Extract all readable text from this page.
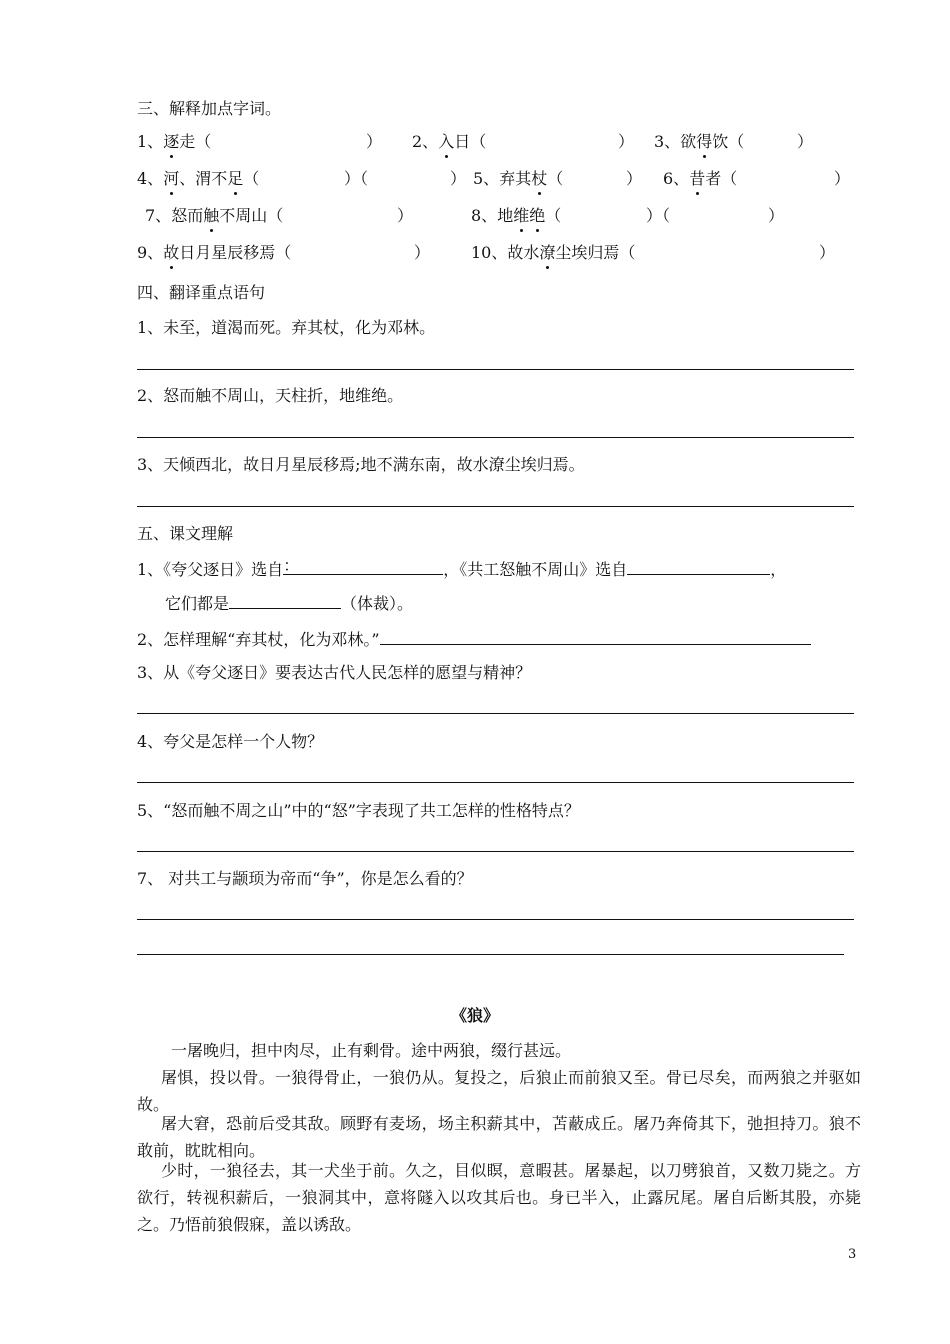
三、解释加点字词。
1、逐走（	） 2、入日（	） 3、欲得饮（	）
4、河、渭不足（	）（	） 5、弃其杖（	） 6、昔者（	）
7、怒而触不周山（	）	8、地维绝（	）（	）
9、故日月星辰移焉（	）	10、故水潦尘埃归焉（	）
四、翻译重点语句
1、未至，道渴而死。弃其杖，化为邓林。
2、怒而触不周山，天柱折，地维绝。
3、天倾西北，故日月星辰移焉;地不满东南，故水潦尘埃归焉。
五、课文理解
1、《夸父逐日》选自 ：	，《共工怒触不周山》选自	，
它们都是	（体裁）。
2、怎样理解“弃其杖，化为邓林。”
3、从《夸父逐日》要表达古代人民怎样的愿望与精神？
4、夸父是怎样一个人物？
5、“怒而触不周之山”中的“怒”字表现了共工怎样的性格特点？
7、 对共工与颛顼为帝而“争”，你是怎么看的？
《狼》
一屠晚归，担中肉尽，止有剩骨。途中两狼，缀行甚远。
屠惧，投以骨。一狼得骨止，一狼仍从。复投之，后狼止而前狼又至。骨已尽矣，而两狼之并驱如故。
屠大窘，恐前后受其敌。顾野有麦场，场主积薪其中，苫蔽成丘。屠乃奔倚其下，弛担持刀。狼不敢前，眈眈相向。
少时，一狼径去，其一犬坐于前。久之，目似瞑，意暇甚。屠暴起，以刀劈狼首，又数刀毙之。方欲行，转视积薪后，一狼洞其中，意将隧入以攻其后也。身已半入，止露尻尾。屠自后断其股，亦毙之。乃悟前狼假寐，盖以诱敌。
3
